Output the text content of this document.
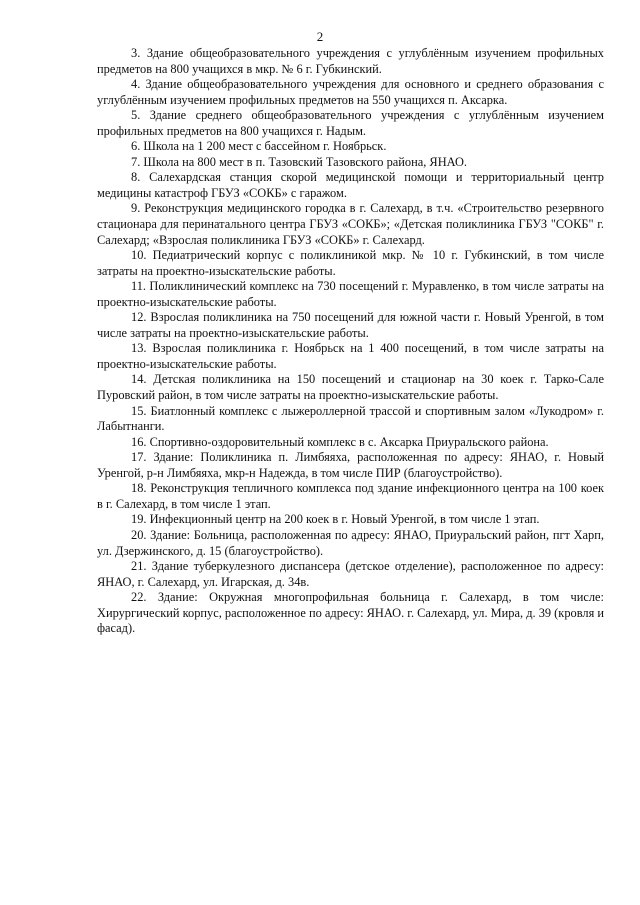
2

3. Здание общеобразовательного учреждения с углублённым изучением профильных предметов на 800 учащихся в мкр. № 6 г. Губкинский.

4. Здание общеобразовательного учреждения для основного и среднего образования с углублённым изучением профильных предметов на 550 учащихся п. Аксарка.

5. Здание среднего общеобразовательного учреждения с углублённым изучением профильных предметов на 800 учащихся г. Надым.

6. Школа на 1 200 мест с бассейном г. Ноябрьск.

7. Школа на 800 мест в п. Тазовский Тазовского района, ЯНАО.

8. Салехардская станция скорой медицинской помощи и территориальный центр медицины катастроф ГБУЗ «СОКБ» с гаражом.

9. Реконструкция медицинского городка в г. Салехард, в т.ч. «Строительство резервного стационара для перинатального центра ГБУЗ «СОКБ»; «Детская поликлиника ГБУЗ "СОКБ" г. Салехард; «Взрослая поликлиника ГБУЗ «СОКБ» г. Салехард.

10. Педиатрический корпус с поликлиникой мкр. № 10 г. Губкинский, в том числе затраты на проектно-изыскательские работы.

11. Поликлинический комплекс на 730 посещений г. Муравленко, в том числе затраты на проектно-изыскательские работы.

12. Взрослая поликлиника на 750 посещений для южной части г. Новый Уренгой, в том числе затраты на проектно-изыскательские работы.

13. Взрослая поликлиника г. Ноябрьск на 1 400 посещений, в том числе затраты на проектно-изыскательские работы.

14. Детская поликлиника на 150 посещений и стационар на 30 коек г. Тарко-Сале Пуровский район, в том числе затраты на проектно-изыскательские работы.

15. Биатлонный комплекс с лыжероллерной трассой и спортивным залом «Лукодром» г. Лабытнанги.

16. Спортивно-оздоровительный комплекс в с. Аксарка Приуральского района.

17. Здание: Поликлиника п. Лимбяяха, расположенная по адресу: ЯНАО, г. Новый Уренгой, р-н Лимбяяха, мкр-н Надежда, в том числе ПИР (благоустройство).

18. Реконструкция тепличного комплекса под здание инфекционного центра на 100 коек в г. Салехард, в том числе 1 этап.

19. Инфекционный центр на 200 коек в г. Новый Уренгой, в том числе 1 этап.

20. Здание: Больница, расположенная по адресу: ЯНАО, Приуральский район, пгт Харп, ул. Дзержинского, д. 15 (благоустройство).

21. Здание туберкулезного диспансера (детское отделение), расположенное по адресу: ЯНАО, г. Салехард, ул. Игарская, д. 34в.

22. Здание: Окружная многопрофильная больница г. Салехард, в том числе: Хирургический корпус, расположенное по адресу: ЯНАО. г. Салехард, ул. Мира, д. 39 (кровля и фасад).
